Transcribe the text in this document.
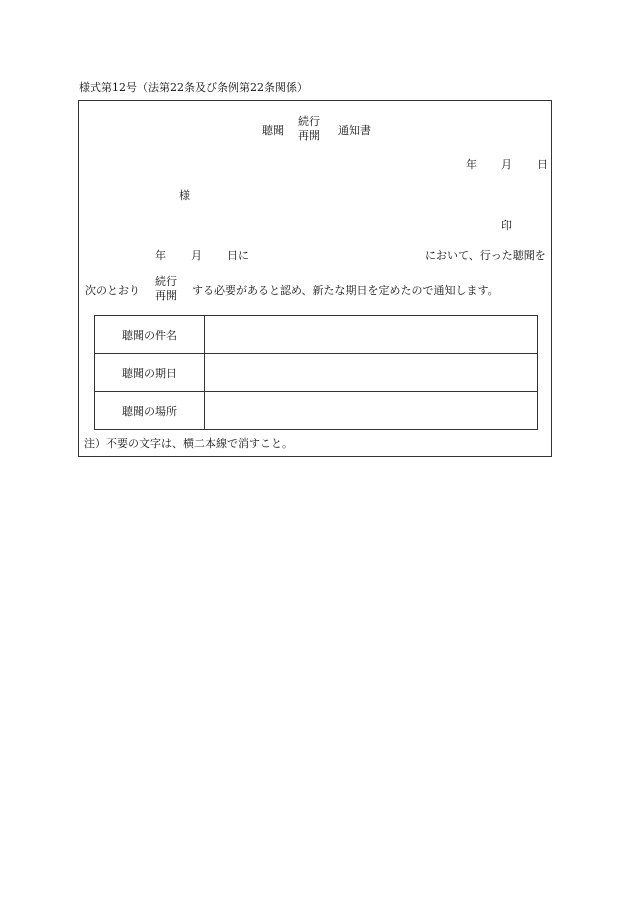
様式第12号（法第22条及び条例第22条関係）
聴聞
続行
再開 通知書
年 月 日
様
印
年 月 日に	において、行った聴聞を
次のとおり
続行
再開 する必要があると認め、新たな期日を定めたので通知します。
聴聞の件名	
聴聞の期日	
聴聞の場所	
注）不要の文字は、横二本線で消すこと。
